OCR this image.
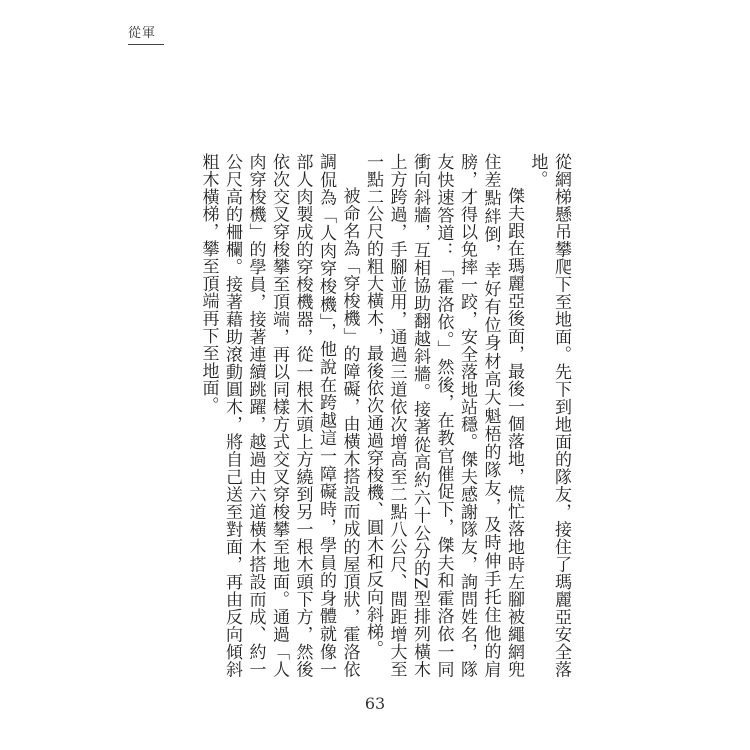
從軍

從網梯懸吊攀爬下至地面。先下到地面的隊友，接住了瑪麗亞安全落地。

傑夫跟在瑪麗亞後面，最後一個落地，慌忙落地時左腳被繩網兜住差點絆倒，幸好有位身材高大魁梧的隊友，及時伸手托住他的肩膀，才得以免摔一跤，安全落地站穩。傑夫感謝隊友，詢問姓名，隊友快速答道：「霍洛依。」然後，在教官催促下，傑夫和霍洛依一同衝向斜牆，互相協助翻越斜牆。接著從高約六十公分的Z型排列橫木上方跨過，手腳並用，通過三道依次增高至二點八公尺、間距增大至一點二公尺的粗大橫木，最後依次通過穿梭機、圓木和反向斜梯。

被命名為「穿梭機」的障礙，由橫木搭設而成的屋頂狀，霍洛依調侃為「人肉穿梭機」，他說在跨越這一障礙時，學員的身體就像一部人肉製成的穿梭機器，從一根木頭上方繞到另一根木頭下方，然後依次交叉穿梭攀至頂端，再以同樣方式交叉穿梭攀至地面。通過「人肉穿梭機」的學員，接著連續跳躍，越過由六道橫木搭設而成、約一公尺高的柵欄。接著藉助滾動圓木，將自己送至對面，再由反向傾斜粗木橫梯，攀至頂端再下至地面。

63
